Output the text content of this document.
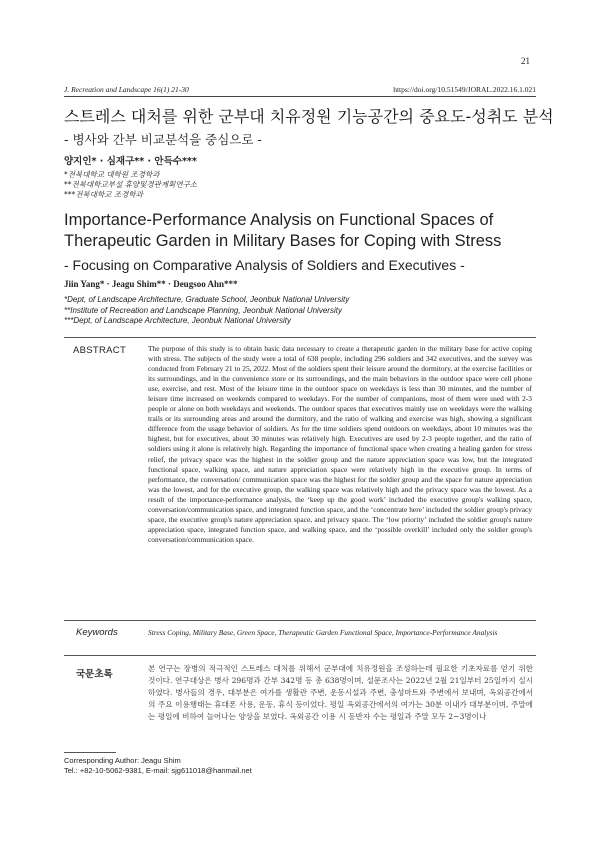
21
J. Recreation and Landscape 16(1) 21-30	https://doi.org/10.51549/JORAL.2022.16.1.021
스트레스 대처를 위한 군부대 치유정원 기능공간의 중요도-성취도 분석
- 병사와 간부 비교분석을 중심으로 -
양지인* · 심재구** · 안득수***
*전북대학교 대학원 조경학과
**전북대학교부설 휴양및경관계획연구소
***전북대학교 조경학과
Importance-Performance Analysis on Functional Spaces of Therapeutic Garden in Military Bases for Coping with Stress
- Focusing on Comparative Analysis of Soldiers and Executives -
Jiin Yang* · Jeagu Shim** · Deugsoo Ahn***
*Dept, of Landscape Architecture, Graduate School, Jeonbuk National University
**Institute of Recreation and Landscape Planning, Jeonbuk National University
***Dept, of Landscape Architecture, Jeonbuk National University
ABSTRACT	The purpose of this study is to obtain basic data necessary to create a therapeutic garden in the military base for active coping with stress. The subjects of the study were a total of 638 people, including 296 soldiers and 342 executives, and the survey was conducted from February 21 to 25, 2022. Most of the soldiers spent their leisure around the dormitory, at the exercise facilities or its surroundings, and in the convenience store or its surroundings, and the main behaviors in the outdoor space were cell phone use, exercise, and rest. Most of the leisure time in the outdoor space on weekdays is less than 30 minutes, and the number of leisure time increased on weekends compared to weekdays. For the number of companions, most of them were used with 2-3 people or alone on both weekdays and weekends. The outdoor spaces that executives mainly use on weekdays were the walking trails or its surrounding areas and around the dormitory, and the ratio of walking and exercise was high, showing a significant difference from the usage behavior of soldiers. As for the time soldiers spend outdoors on weekdays, about 10 minutes was the highest, but for executives, about 30 minutes was relatively high. Executives are used by 2-3 people together, and the ratio of soldiers using it alone is relatively high. Regarding the importance of functional space when creating a healing garden for stress relief, the privacy space was the highest in the soldier group and the nature appreciation space was low, but the integrated functional space, walking space, and nature appreciation space were relatively high in the executive group. In terms of performance, the conversation/ communication space was the highest for the soldier group and the space for nature appreciation was the lowest, and for the executive group, the walking space was relatively high and the privacy space was the lowest. As a result of the importance-performance analysis, the ‘keep up the good work’ included the executive group's walking space, conversation/communication space, and integrated function space, and the ‘concentrate here’ included the soldier group's privacy space, the executive group's nature appreciation space, and privacy space. The ‘low priority’ included the soldier group's nature appreciation space, integrated function space, and walking space, and the ‘possible overkill’ included only the soldier group's conversation/communication space.
Keywords	Stress Coping, Military Base, Green Space, Therapeutic Garden Functional Space, Importance-Performance Analysis
국문초록
본 연구는 장병의 적극적인 스트레스 대처를 위해서 군부대에 치유정원을 조성하는데 필요한 기초자료를 얻기 위한 것이다. 연구대상은 병사 296명과 간부 342명 등 총 638명이며, 설문조사는 2022년 2월 21일부터 25일까지 실시하였다. 병사들의 경우, 대부분은 여가를 생활관 주변, 운동시설과 주변, 충성마트와 주변에서 보내며, 옥외공간에서의 주요 이용행태는 휴대폰 사용, 운동, 휴식 등이었다. 평일 옥외공간에서의 여가는 30분 이내가 대부분이며, 주말에는 평일에 비하여 늘어나는 양상을 보였다. 옥외공간 이용 시 동반자 수는 평일과 주말 모두 2~3명이나
Corresponding Author: Jeagu Shim
Tel.: +82-10-5062-9381, E-mail: sjg611018@hanmail.net
